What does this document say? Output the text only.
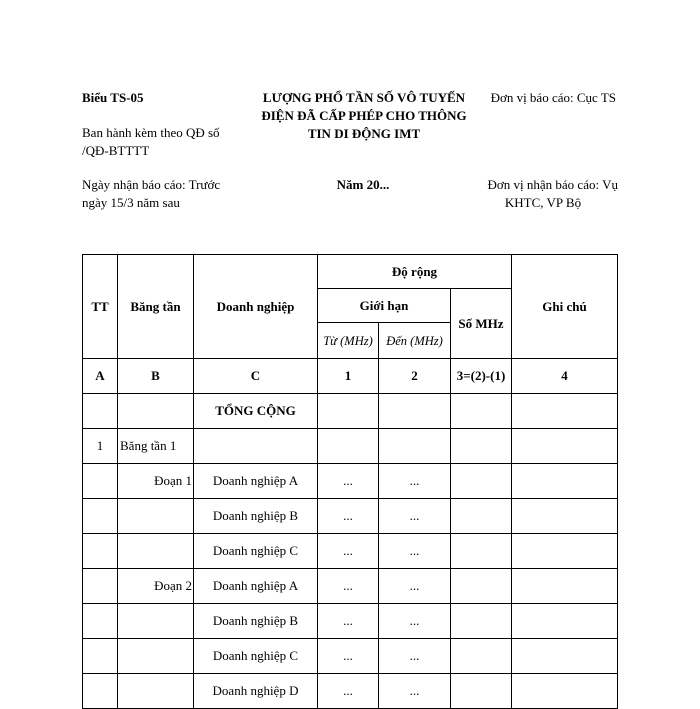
Biểu TS-05
Ban hành kèm theo QĐ số
/QĐ-BTTTT
LƯỢNG PHỔ TẦN SỐ VÔ TUYẾN
ĐIỆN ĐÃ CẤP PHÉP CHO THÔNG
TIN DI ĐỘNG IMT
Đơn vị báo cáo: Cục TS
Ngày nhận báo cáo: Trước
ngày 15/3 năm sau
Năm 20...	Đơn vị nhận báo cáo: Vụ
KHTC, VP Bộ
TT	Băng tần	Doanh nghiệp	Độ rộng			Ghi chú
			Giới hạn		Số MHz	
			Từ (MHz)	Đến (MHz)		
A	B	C	1	2	3=(2)-(1)	4
		TỔNG CỘNG				
1	Băng tần 1					
	Đoạn 1	Doanh nghiệp A	...	...		
		Doanh nghiệp B	...	...		
		Doanh nghiệp C	...	...		
	Đoạn 2	Doanh nghiệp A	...	...		
		Doanh nghiệp B	...	...		
		Doanh nghiệp C	...	...		
		Doanh nghiệp D	...	...		
